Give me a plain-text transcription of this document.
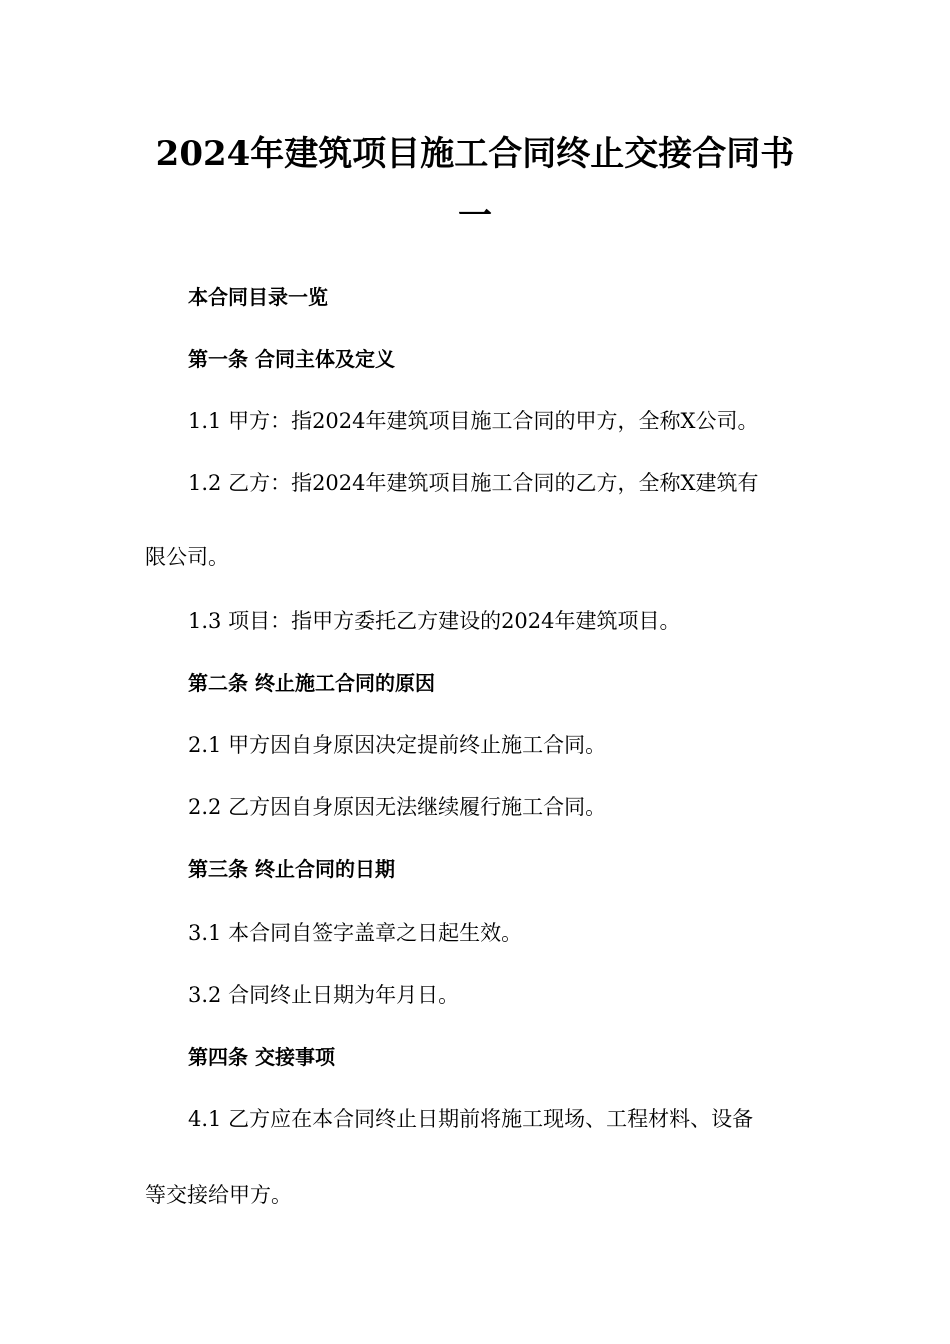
2024年建筑项目施工合同终止交接合同书
一
本合同目录一览
第一条 合同主体及定义
1.1 甲方：指2024年建筑项目施工合同的甲方，全称X公司。
1.2 乙方：指2024年建筑项目施工合同的乙方，全称X建筑有
限公司。
1.3 项目：指甲方委托乙方建设的2024年建筑项目。
第二条 终止施工合同的原因
2.1 甲方因自身原因决定提前终止施工合同。
2.2 乙方因自身原因无法继续履行施工合同。
第三条 终止合同的日期
3.1 本合同自签字盖章之日起生效。
3.2 合同终止日期为年月日。
第四条 交接事项
4.1 乙方应在本合同终止日期前将施工现场、工程材料、设备
等交接给甲方。
